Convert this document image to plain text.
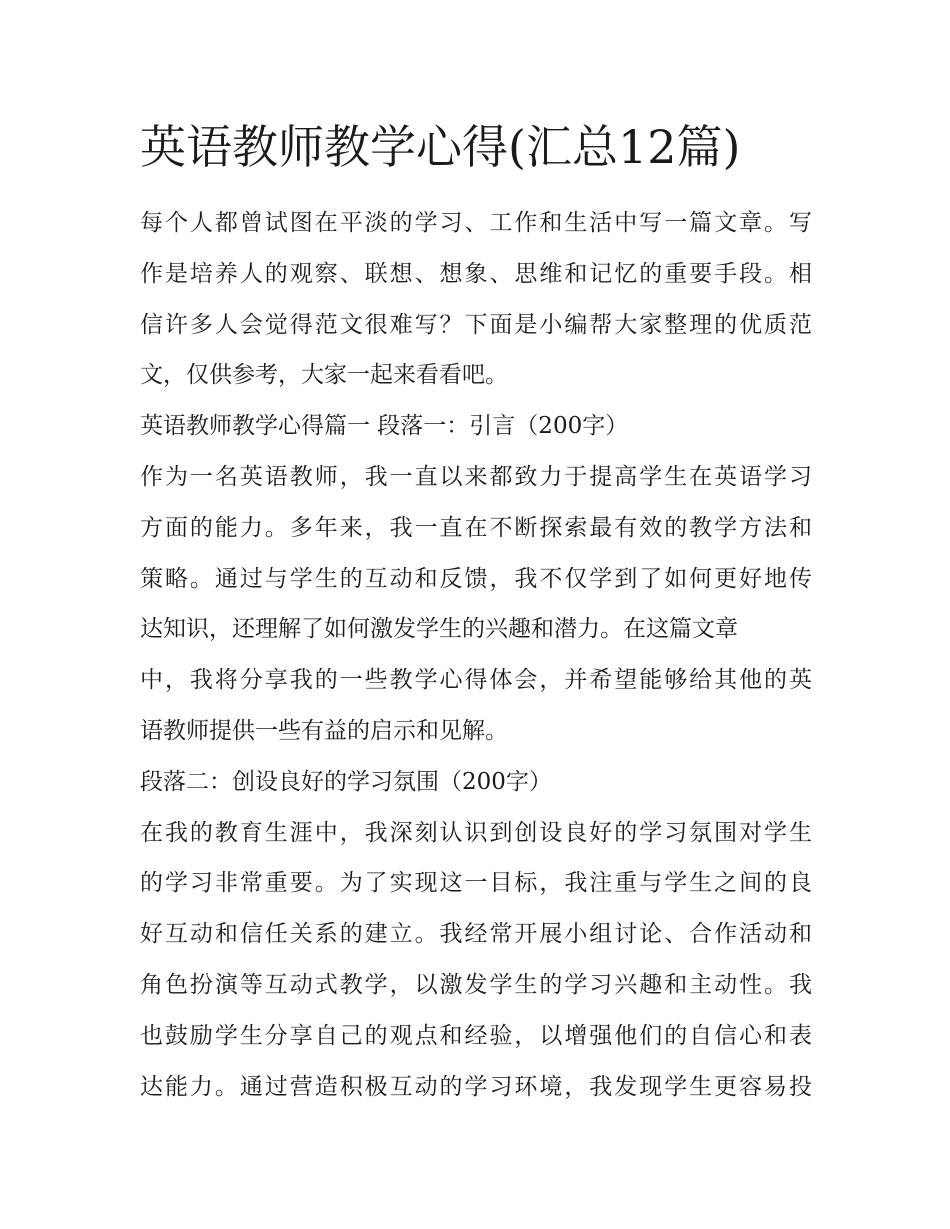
英语教师教学心得(汇总12篇)
每个人都曾试图在平淡的学习、工作和生活中写一篇文章。写
作是培养人的观察、联想、想象、思维和记忆的重要手段。相
信许多人会觉得范文很难写？下面是小编帮大家整理的优质范
文，仅供参考，大家一起来看看吧。
英语教师教学心得篇一 段落一：引言（200字）
作为一名英语教师，我一直以来都致力于提高学生在英语学习
方面的能力。多年来，我一直在不断探索最有效的教学方法和
策略。通过与学生的互动和反馈，我不仅学到了如何更好地传
达知识，还理解了如何激发学生的兴趣和潜力。在这篇文章
中，我将分享我的一些教学心得体会，并希望能够给其他的英
语教师提供一些有益的启示和见解。
段落二：创设良好的学习氛围（200字）
在我的教育生涯中，我深刻认识到创设良好的学习氛围对学生
的学习非常重要。为了实现这一目标，我注重与学生之间的良
好互动和信任关系的建立。我经常开展小组讨论、合作活动和
角色扮演等互动式教学，以激发学生的学习兴趣和主动性。我
也鼓励学生分享自己的观点和经验，以增强他们的自信心和表
达能力。通过营造积极互动的学习环境，我发现学生更容易投
